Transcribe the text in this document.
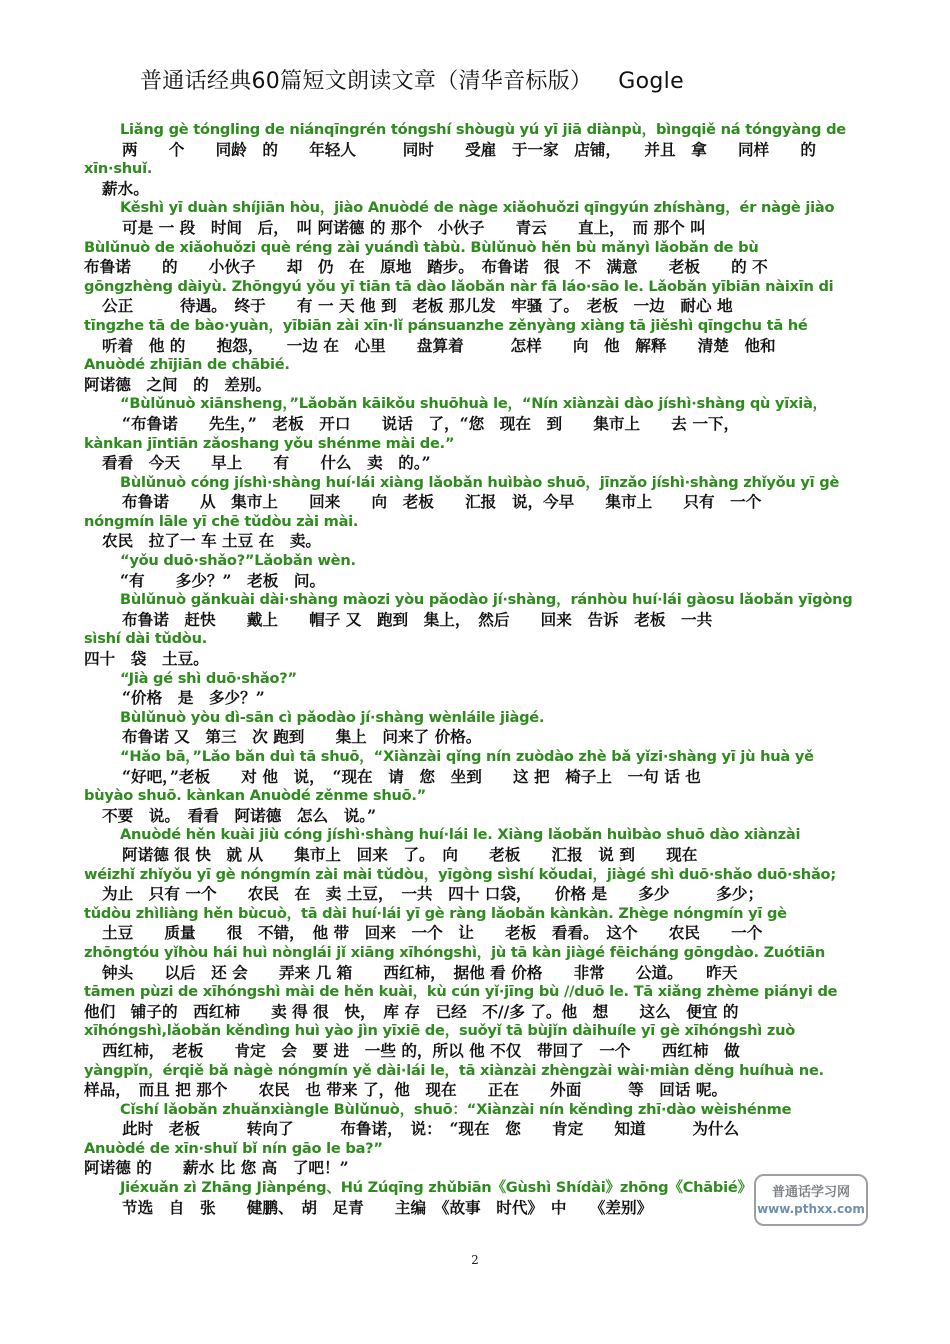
普通话经典60篇短文朗读文章（清华音标版） Gogle
Liǎng gè tóngling de niánqīngrén tóngshí shòugù yú yī jiā diànpù，bìngqiě ná tóngyàng de
两　　个　　同龄　的　　年轻人　　　同时　　受雇　于一家　店铺，　　并且　拿　　同样　　的
xīn·shuǐ.
薪水。
Kěshì yī duàn shíjiān hòu，jiào Anuòdé de nàge xiǎohuǒzi qīngyún zhíshàng，ér nàgè jiào
可是 一 段　时间　后，　叫 阿诺德 的 那个　小伙子　　青云　　直上，　而 那个 叫
Bùlǔnuò de xiǎohuǒzi què réng zài yuándì tàbù. Bùlǔnuò hěn bù mǎnyì lǎobǎn de bù
布鲁诺　　的　　小伙子　　却　仍　在　原地　踏步。　布鲁诺　很　不　满意　　老板　　的 不
gōngzhèng dàiyù. Zhōngyú yǒu yī tiān tā dào lǎobǎn nàr fā láo·sāo le. Lǎobǎn yībiān nàixīn di
公正　　　待遇。　终于　　有 一 天 他 到　老板 那儿发　牢骚 了。　老板　一边　耐心 地
tīngzhe tā de bào·yuàn，yībiān zài xīn·lǐ pánsuanzhe zěnyàng xiàng tā jiěshì qīngchu tā hé
听着　他 的　　抱怨，　　一边 在　心里　　盘算着　　　怎样　　向　他　解释　　清楚　他和
Anuòdé zhījiān de chābié.
阿诺德　之间　的　差别。
“Bùlǔnuò xiānsheng，”Lǎobǎn kāikǒu shuōhuà le，“Nín xiànzài dào jíshì·shàng qù yīxià，
“布鲁诺　　先生，”　老板　开口　　说话　了，“您　现在　到　　集市上　　去 一下，
kànkan jīntiān zǎoshang yǒu shénme mài de.”
看看　今天　　早上　　有　　什么　卖　的。”
Bùlǔnuò cóng jíshì·shàng huí·lái xiàng lǎobǎn huìbào shuō，jīnzǎo jíshì·shàng zhǐyǒu yī gè
布鲁诺　　从　集市上　　回来　　向　老板　　汇报　说，今早　　集市上　　只有　一个
nóngmín lāle yī chē tǔdòu zài mài.
农民　拉了一 车 土豆 在　卖。
“yǒu duō·shǎo?”Lǎobǎn wèn.
“有　　多少？”　老板　问。
Bùlǔnuò gǎnkuài dài·shàng màozi yòu pǎodào jí·shàng，ránhòu huí·lái gàosu lǎobǎn yīgòng
布鲁诺　赶快　　戴上　　帽子 又　跑到　集上，　然后　　回来　告诉　老板　一共
sìshí dài tǔdòu.
四十　袋　土豆。
“Jià gé shì duō·shǎo?”
“价格　是　多少？”
Bùlǔnuò yòu dì-sān cì pǎodào jí·shàng wènláile jiàgé.
布鲁诺 又　第三　次 跑到　　集上　问来了 价格。
“Hǎo bā，”Lǎo bǎn duì tā shuō，“Xiànzài qǐng nín zuòdào zhè bǎ yǐzi·shàng yī jù huà yě
“好吧，”老板　　对 他　说，　“现在　请　您　坐到　　这 把　椅子上　一句 话 也
bùyào shuō. kànkan Anuòdé zěnme shuō.”
不要　说。　看看　阿诺德　怎么　说。”
Anuòdé hěn kuài jiù cóng jíshì·shàng huí·lái le. Xiàng lǎobǎn huìbào shuō dào xiànzài
阿诺德 很 快　就 从　　集市上　回来　了。　向　　老板　　汇报　说 到　　现在
wéizhǐ zhǐyǒu yī gè nóngmín zài mài tǔdòu，yīgòng sìshí kǒudai，jiàgé shì duō·shǎo duō·shǎo;
为止　只有 一个　　农民　在　卖 土豆，　一共　四十 口袋，　　价格 是　　多少　　　多少；
tǔdòu zhìliàng hěn bùcuò，tā dài huí·lái yī gè ràng lǎobǎn kànkàn. Zhège nóngmín yī gè
土豆　　质量　　很　不错，　他 带　回来　一个　让　　老板　看看。　这个　　农民　　一个
zhōngtóu yǐhòu hái huì nònglái jǐ xiāng xīhóngshì，jù tā kàn jiàgé fēicháng gōngdào. Zuótiān
钟头　　以后　还 会　　弄来 几 箱　　西红柿，　据他 看 价格　　非常　　公道。　　昨天
tāmen pùzi de xīhóngshì mài de hěn kuài，kù cún yǐ·jīng bù //duō le. Tā xiǎng zhème piányi de
他们　铺子的　西红柿　　卖 得 很　快，　库 存　已经　不//多 了。他　想　　这么　便宜 的
xīhóngshì,lǎobǎn kěndìng huì yào jìn yīxiē de，suǒyǐ tā bùjǐn dàihuíle yī gè xīhóngshì zuò
西红柿，　老板　　肯定　会　要 进　一些 的，所以 他 不仅　带回了　一个　　西红柿　做
yàngpǐn，érqiě bǎ nàgè nóngmín yě dài·lái le，tā xiànzài zhèngzài wài·miàn děng huíhuà ne.
样品，　而且 把 那个　　农民　也 带来 了，他　现在　　正在　　外面　　　等　回话 呢。
Cǐshí lǎobǎn zhuǎnxiàngle Bùlǔnuò，shuō：“Xiànzài nín kěndìng zhī·dào wèishénme
此时　老板　　　转向了　　　布鲁诺，　说：　“现在　您　　肯定　　知道　　　为什么
Anuòdé de xīn·shuǐ bǐ nín gāo le ba?”
阿诺德 的　　薪水 比 您 高　了吧！”
Jiéxuǎn zì Zhāng Jiànpéng、Hú Zúqīng zhǔbiān《Gùshì Shídài》zhōng《Chābié》
节选　自　张　　健鹏、　胡　足青　　主编　《故事　时代》　中　　《差别》
普通话学习网
www.pthxx.com
2
